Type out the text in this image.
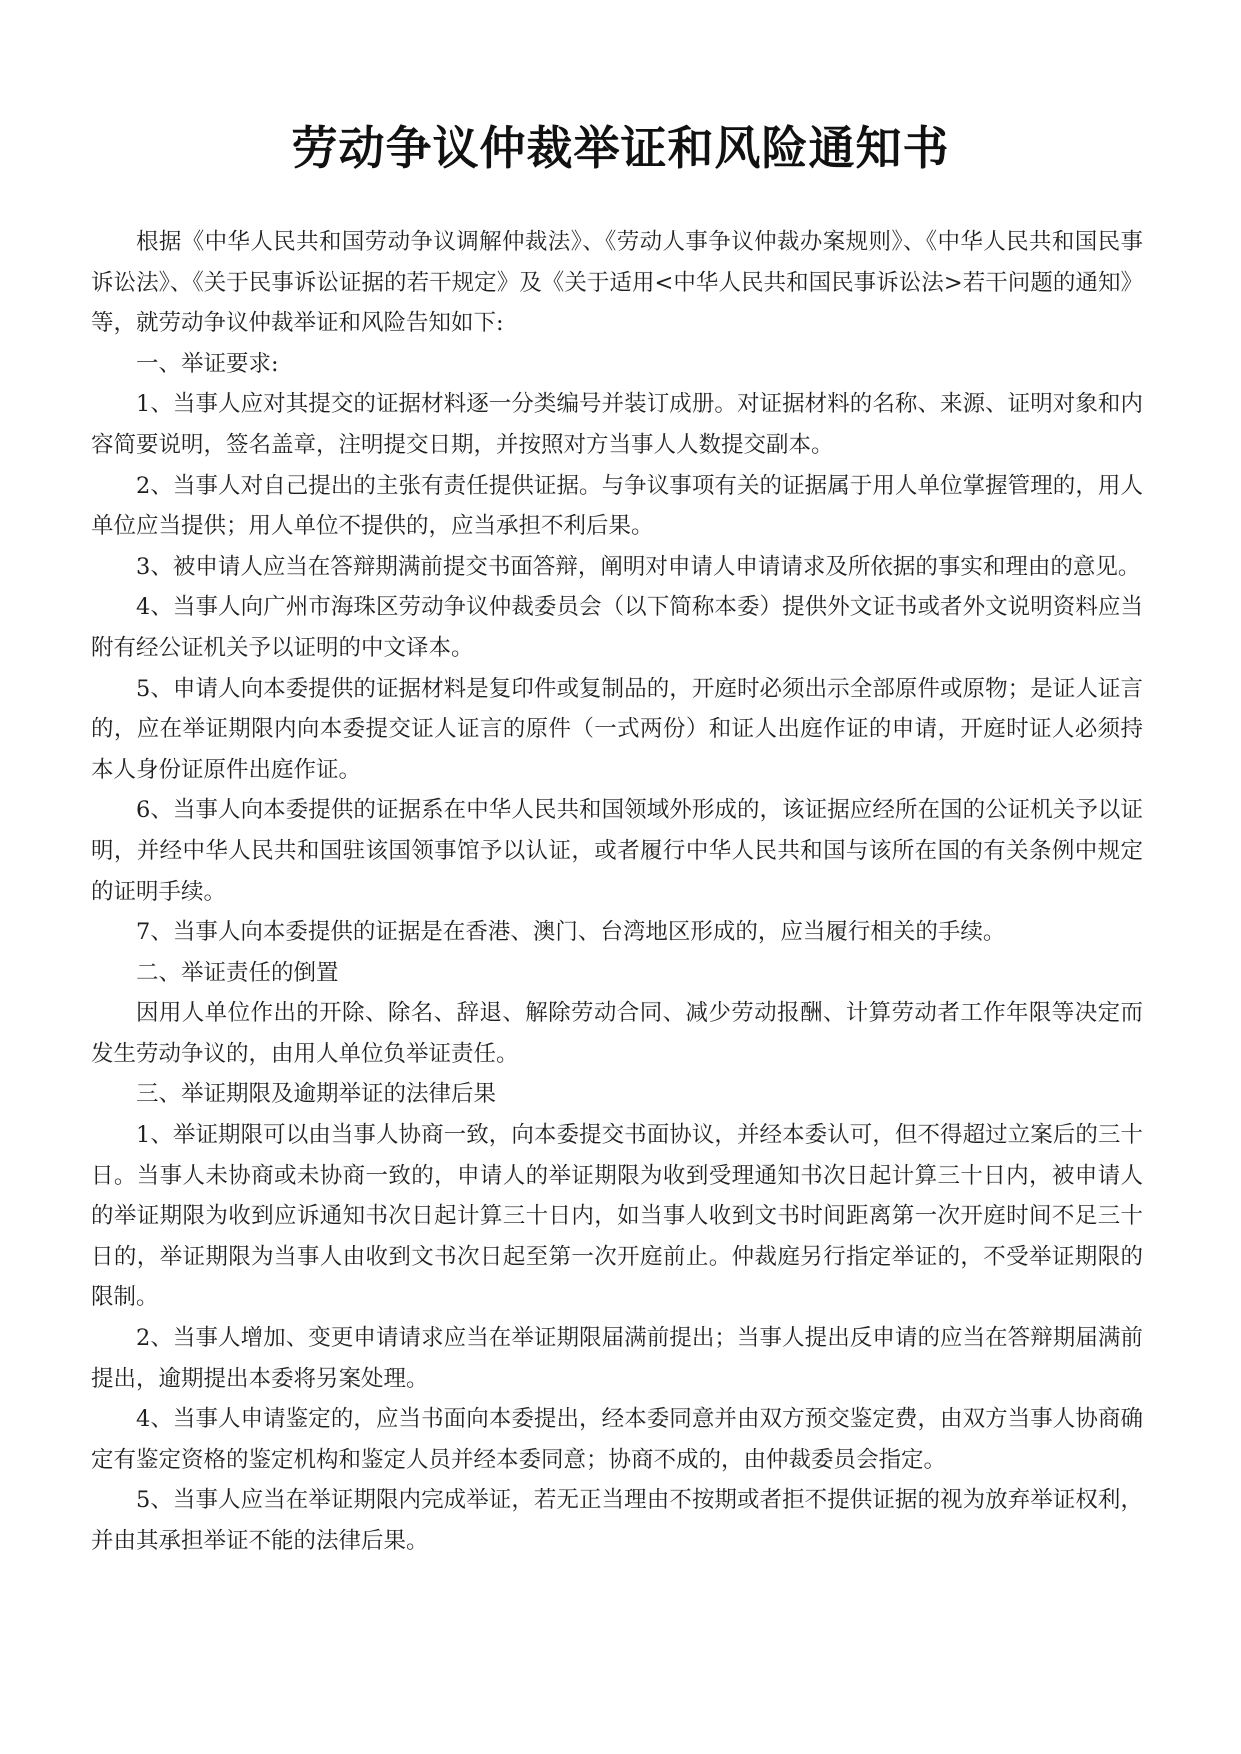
劳动争议仲裁举证和风险通知书

根据《中华人民共和国劳动争议调解仲裁法》、《劳动人事争议仲裁办案规则》、《中华人民共和国民事诉讼法》、《关于民事诉讼证据的若干规定》及《关于适用<中华人民共和国民事诉讼法>若干问题的通知》等，就劳动争议仲裁举证和风险告知如下:

一、举证要求:

1、当事人应对其提交的证据材料逐一分类编号并装订成册。对证据材料的名称、来源、证明对象和内容简要说明，签名盖章，注明提交日期，并按照对方当事人人数提交副本。

2、当事人对自己提出的主张有责任提供证据。与争议事项有关的证据属于用人单位掌握管理的，用人单位应当提供；用人单位不提供的，应当承担不利后果。

3、被申请人应当在答辩期满前提交书面答辩，阐明对申请人申请请求及所依据的事实和理由的意见。

4、当事人向广州市海珠区劳动争议仲裁委员会（以下简称本委）提供外文证书或者外文说明资料应当附有经公证机关予以证明的中文译本。

5、申请人向本委提供的证据材料是复印件或复制品的，开庭时必须出示全部原件或原物；是证人证言的，应在举证期限内向本委提交证人证言的原件（一式两份）和证人出庭作证的申请，开庭时证人必须持本人身份证原件出庭作证。

6、当事人向本委提供的证据系在中华人民共和国领域外形成的，该证据应经所在国的公证机关予以证明，并经中华人民共和国驻该国领事馆予以认证，或者履行中华人民共和国与该所在国的有关条例中规定的证明手续。

7、当事人向本委提供的证据是在香港、澳门、台湾地区形成的，应当履行相关的手续。

二、举证责任的倒置

因用人单位作出的开除、除名、辞退、解除劳动合同、减少劳动报酬、计算劳动者工作年限等决定而发生劳动争议的，由用人单位负举证责任。

三、举证期限及逾期举证的法律后果

1、举证期限可以由当事人协商一致，向本委提交书面协议，并经本委认可，但不得超过立案后的三十日。当事人未协商或未协商一致的，申请人的举证期限为收到受理通知书次日起计算三十日内，被申请人的举证期限为收到应诉通知书次日起计算三十日内，如当事人收到文书时间距离第一次开庭时间不足三十日的，举证期限为当事人由收到文书次日起至第一次开庭前止。仲裁庭另行指定举证的，不受举证期限的限制。

2、当事人增加、变更申请请求应当在举证期限届满前提出；当事人提出反申请的应当在答辩期届满前提出，逾期提出本委将另案处理。

4、当事人申请鉴定的，应当书面向本委提出，经本委同意并由双方预交鉴定费，由双方当事人协商确定有鉴定资格的鉴定机构和鉴定人员并经本委同意；协商不成的，由仲裁委员会指定。

5、当事人应当在举证期限内完成举证，若无正当理由不按期或者拒不提供证据的视为放弃举证权利，并由其承担举证不能的法律后果。
